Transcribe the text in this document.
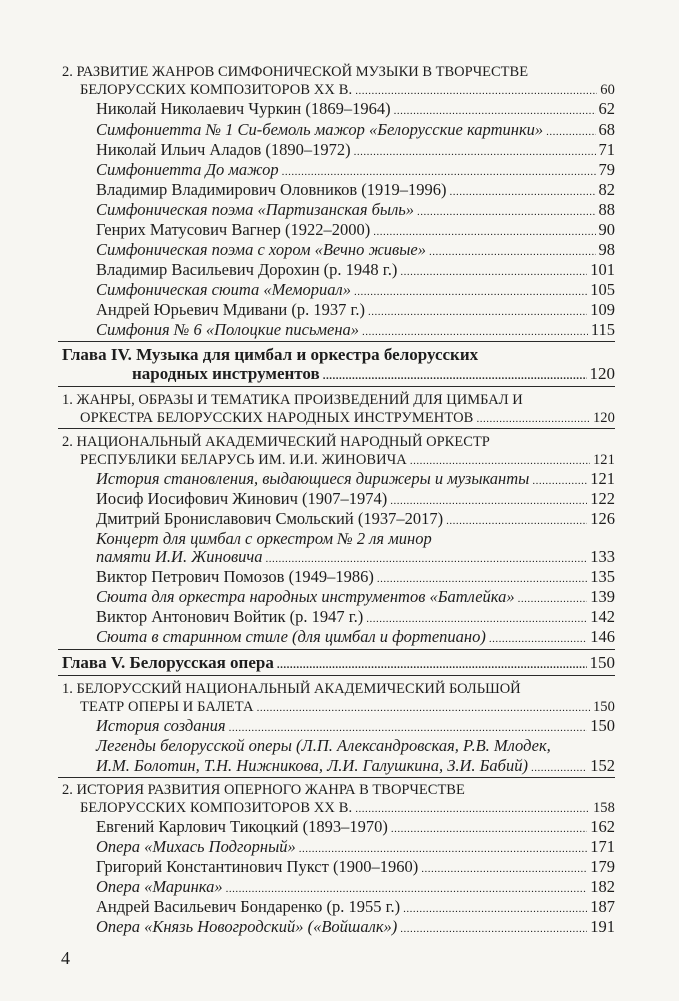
2. РАЗВИТИЕ ЖАНРОВ СИМФОНИЧЕСКОЙ МУЗЫКИ В ТВОРЧЕСТВЕ
БЕЛОРУССКИХ КОМПОЗИТОРОВ XX В. .....	60
Николай Николаевич Чуркин (1869–1964) .....	62
Симфониетта № 1 Си-бемоль мажор «Белорусские картинки» .....	68
Николай Ильич Аладов (1890–1972) .....	71
Симфониетта До мажор .....	79
Владимир Владимирович Оловников (1919–1996) .....	82
Симфоническая поэма «Партизанская быль» .....	88
Генрих Матусович Вагнер (1922–2000) .....	90
Симфоническая поэма с хором «Вечно живые» .....	98
Владимир Васильевич Дорохин (р. 1948 г.) .....	101
Симфоническая сюита «Мемориал» .....	105
Андрей Юрьевич Мдивани (р. 1937 г.) .....	109
Симфония № 6 «Полоцкие письмена» .....	115
Глава IV. Музыка для цимбал и оркестра белорусских
народных инструментов .....	120
1. ЖАНРЫ, ОБРАЗЫ И ТЕМАТИКА ПРОИЗВЕДЕНИЙ ДЛЯ ЦИМБАЛ И
ОРКЕСТРА БЕЛОРУССКИХ НАРОДНЫХ ИНСТРУМЕНТОВ .....	120
2. НАЦИОНАЛЬНЫЙ АКАДЕМИЧЕСКИЙ НАРОДНЫЙ ОРКЕСТР
РЕСПУБЛИКИ БЕЛАРУСЬ ИМ. И.И. ЖИНОВИЧА .....	121
История становления, выдающиеся дирижеры и музыканты .....	121
Иосиф Иосифович Жинович (1907–1974) .....	122
Дмитрий Брониславович Смольский (1937–2017) .....	126
Концерт для цимбал с оркестром № 2 ля минор
памяти И.И. Жиновича .....	133
Виктор Петрович Помозов (1949–1986) .....	135
Сюита для оркестра народных инструментов «Батлейка» .....	139
Виктор Антонович Войтик (р. 1947 г.) .....	142
Сюита в старинном стиле (для цимбал и фортепиано) .....	146
Глава V. Белорусская опера .....	150
1. БЕЛОРУССКИЙ НАЦИОНАЛЬНЫЙ АКАДЕМИЧЕСКИЙ БОЛЬШОЙ
ТЕАТР ОПЕРЫ И БАЛЕТА .....	150
История создания .....	150
Легенды белорусской оперы (Л.П. Александровская, Р.В. Млодек,
И.М. Болотин, Т.Н. Нижникова, Л.И. Галушкина, З.И. Бабий) .....	152
2. ИСТОРИЯ РАЗВИТИЯ ОПЕРНОГО ЖАНРА В ТВОРЧЕСТВЕ
БЕЛОРУССКИХ КОМПОЗИТОРОВ XX В. .....	158
Евгений Карлович Тикоцкий (1893–1970) .....	162
Опера «Михась Подгорный» .....	171
Григорий Константинович Пукст (1900–1960) .....	179
Опера «Маринка» .....	182
Андрей Васильевич Бондаренко (р. 1955 г.) .....	187
Опера «Князь Новогродский» («Войшалк») .....	191
4
